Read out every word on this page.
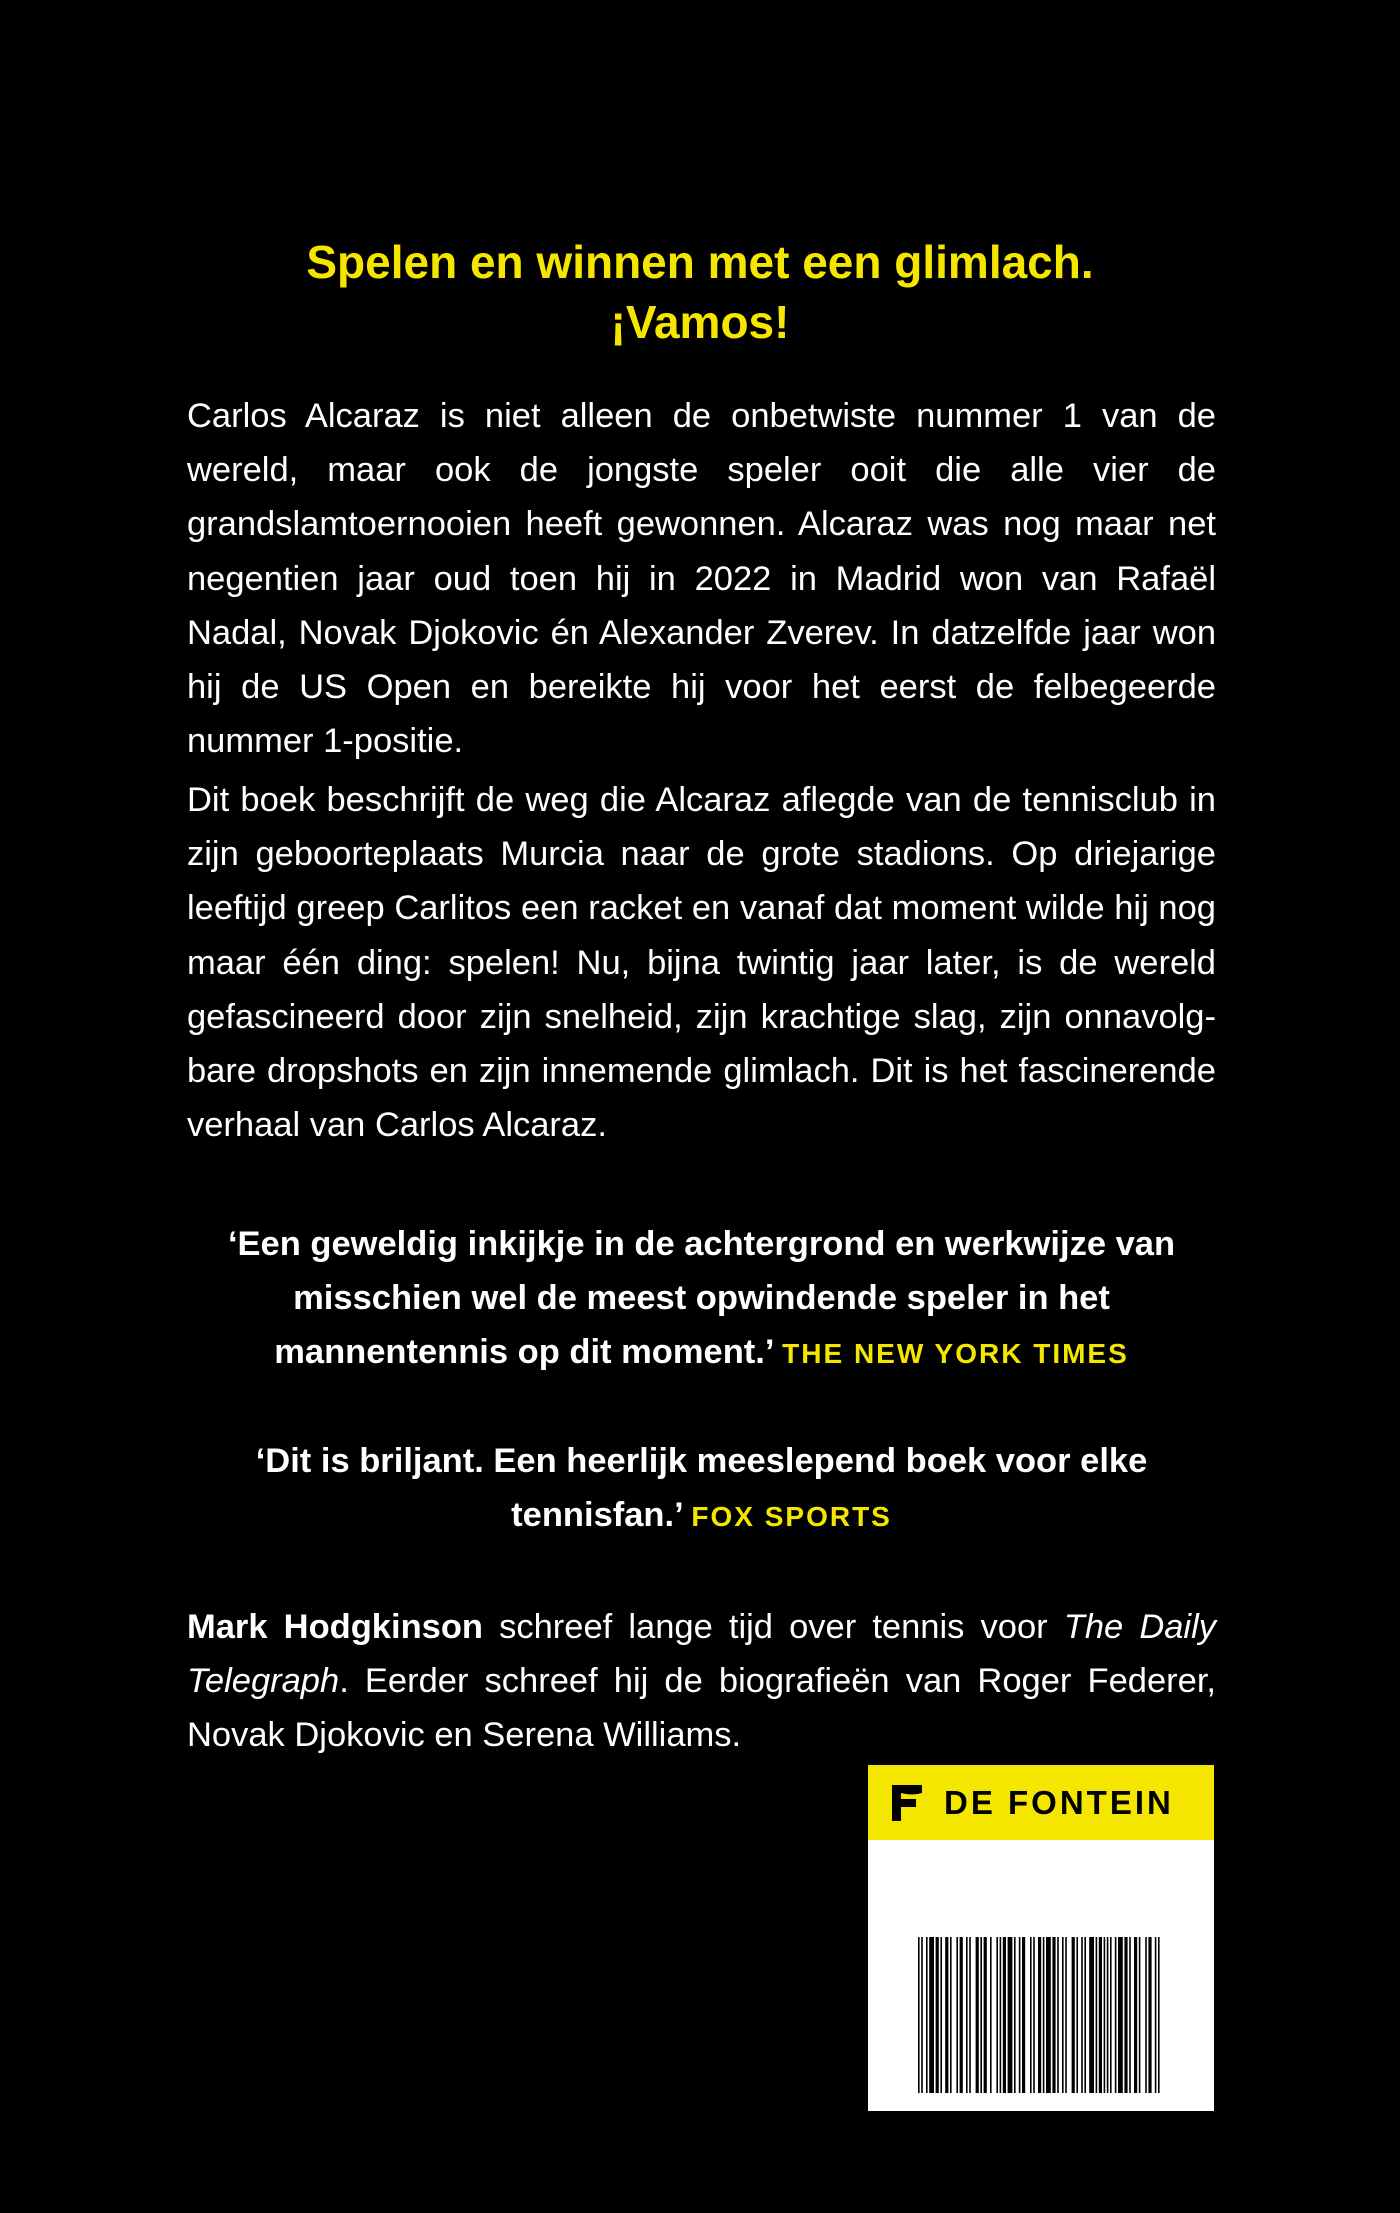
Spelen en winnen met een glimlach.
¡Vamos!

Carlos Alcaraz is niet alleen de onbetwiste nummer 1 van de wereld, maar ook de jongste speler ooit die alle vier de grandslamtoernooien heeft gewonnen. Alcaraz was nog maar net negentien jaar oud toen hij in 2022 in Madrid won van Rafaël Nadal, Novak Djokovic én Alexander Zverev. In datzelfde jaar won hij de US Open en bereikte hij voor het eerst de felbegeerde nummer 1-positie.

Dit boek beschrijft de weg die Alcaraz aflegde van de tennisclub in zijn geboorteplaats Murcia naar de grote stadions. Op driejarige leeftijd greep Carlitos een racket en vanaf dat moment wilde hij nog maar één ding: spelen! Nu, bijna twintig jaar later, is de wereld gefascineerd door zijn snelheid, zijn krachtige slag, zijn onnavolgbare dropshots en zijn innemende glimlach. Dit is het fascinerende verhaal van Carlos Alcaraz.

‘Een geweldig inkijkje in de achtergrond en werkwijze van misschien wel de meest opwindende speler in het mannentennis op dit moment.’ THE NEW YORK TIMES

‘Dit is briljant. Een heerlijk meeslepend boek voor elke tennisfan.’ FOX SPORTS

Mark Hodgkinson schreef lange tijd over tennis voor The Daily Telegraph. Eerder schreef hij de biografieën van Roger Federer, Novak Djokovic en Serena Williams.

DE FONTEIN
9 789026 183324
